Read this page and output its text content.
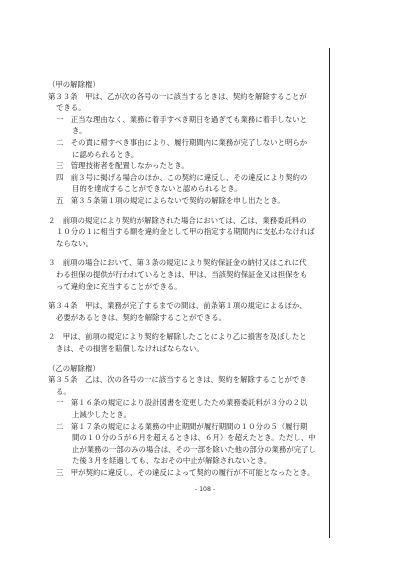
（甲の解除権）
第３３条　甲は、乙が次の各号の一に該当するときは、契約を解除することが
できる。
一　正当な理由なく、業務に着手すべき期日を過ぎても業務に着手しないと
き。
二　その責に帰すべき事由により、履行期間内に業務が完了しないと明らか
に認められるとき。
三　管理技術者を配置しなかったとき。
四　前３号に掲げる場合のほか、この契約に違反し、その違反により契約の
目的を達成することができないと認められるとき。
五　第３５条第１項の規定によらないで契約の解除を申し出たとき。
２　前項の規定により契約が解除された場合においては、乙は、業務委託料の
１０分の１に相当する額を違約金として甲の指定する期間内に支払わなければ
ならない。
３　前項の場合において、第３条の規定により契約保証金の納付又はこれに代
わる担保の提供が行われているときは、甲は、当該契約保証金又は担保をも
って違約金に充当することができる。
第３４条　甲は、業務が完了するまでの間は、前条第１項の規定によるほか、
必要があるときは、契約を解除することができる。
２　甲は、前項の規定により契約を解除したことにより乙に損害を及ぼしたと
きは、その損害を賠償しなければならない。
（乙の解除権）
第３５条　乙は、次の各号の一に該当するときは、契約を解除することができ
る。
一　第１６条の規定により設計図書を変更したため業務委託料が３分の２以
上減少したとき。
二　第１７条の規定による業務の中止期間が履行期間の１０分の５（履行期
間の１０分の５が６月を超えるときは、６月）を超えたとき。ただし、中
止が業務の一部のみの場合は、その一部を除いた他の部分の業務が完了し
た後３月を経過しても、なおその中止が解除されないとき。
三　甲が契約に違反し、その違反によって契約の履行が不可能となったとき。
- 108 -
